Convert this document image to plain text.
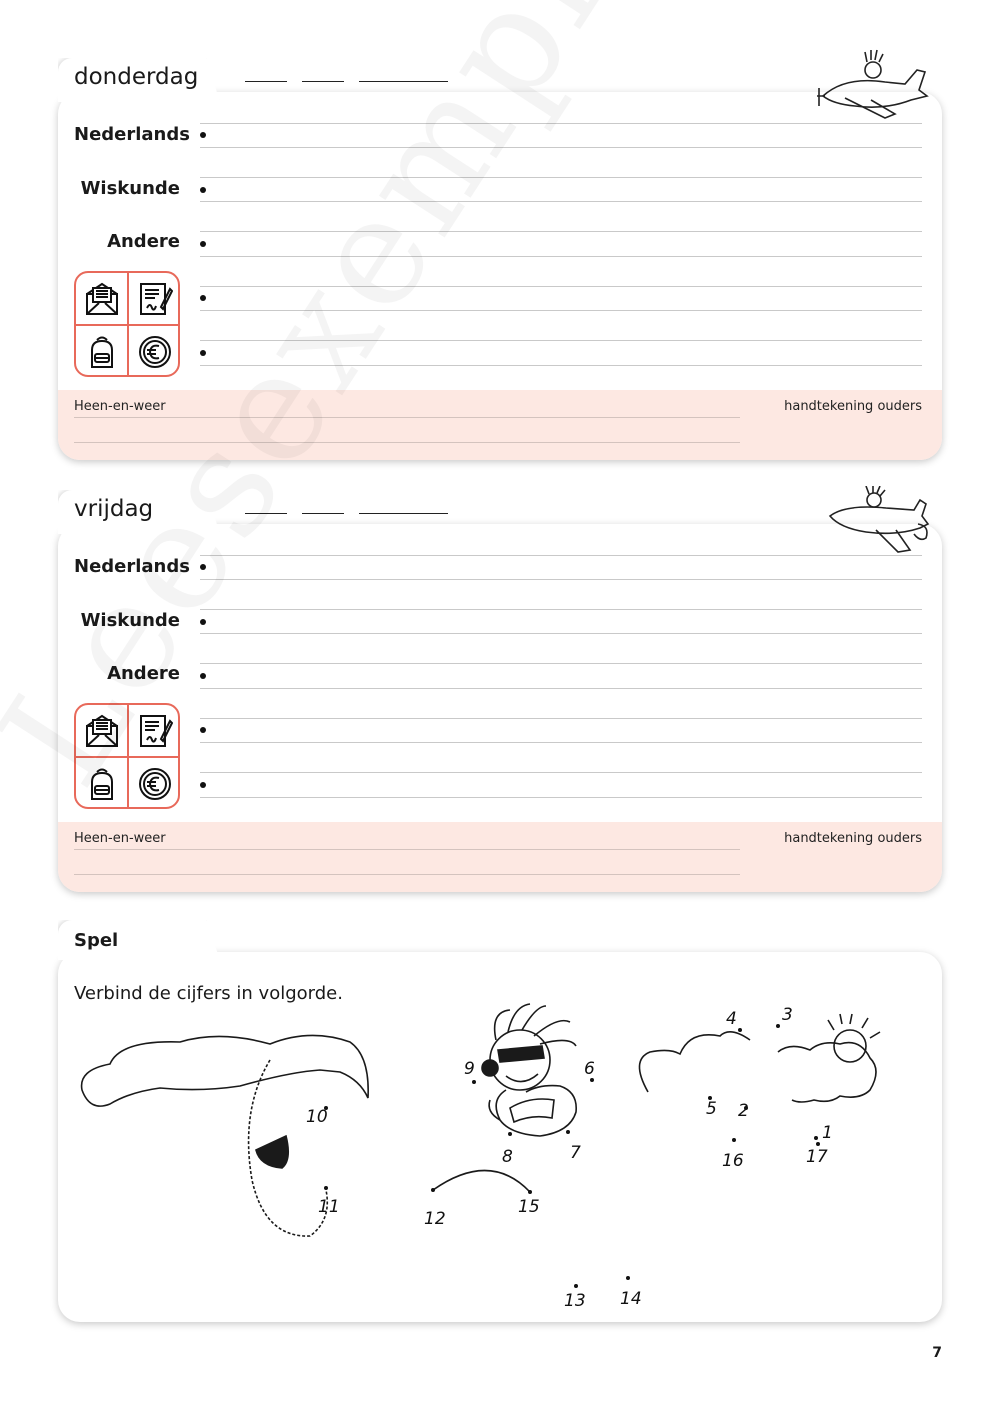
donderdag
Nederlands
Wiskunde
Andere
Heen-en-weer	handtekening ouders
vrijdag
Nederlands
Wiskunde
Andere
Heen-en-weer	handtekening ouders
Spel
Verbind de cijfers in volgorde.
1
2
3
4
5
6
7
8
9
10
11
12
13 14
15
16	17
7
